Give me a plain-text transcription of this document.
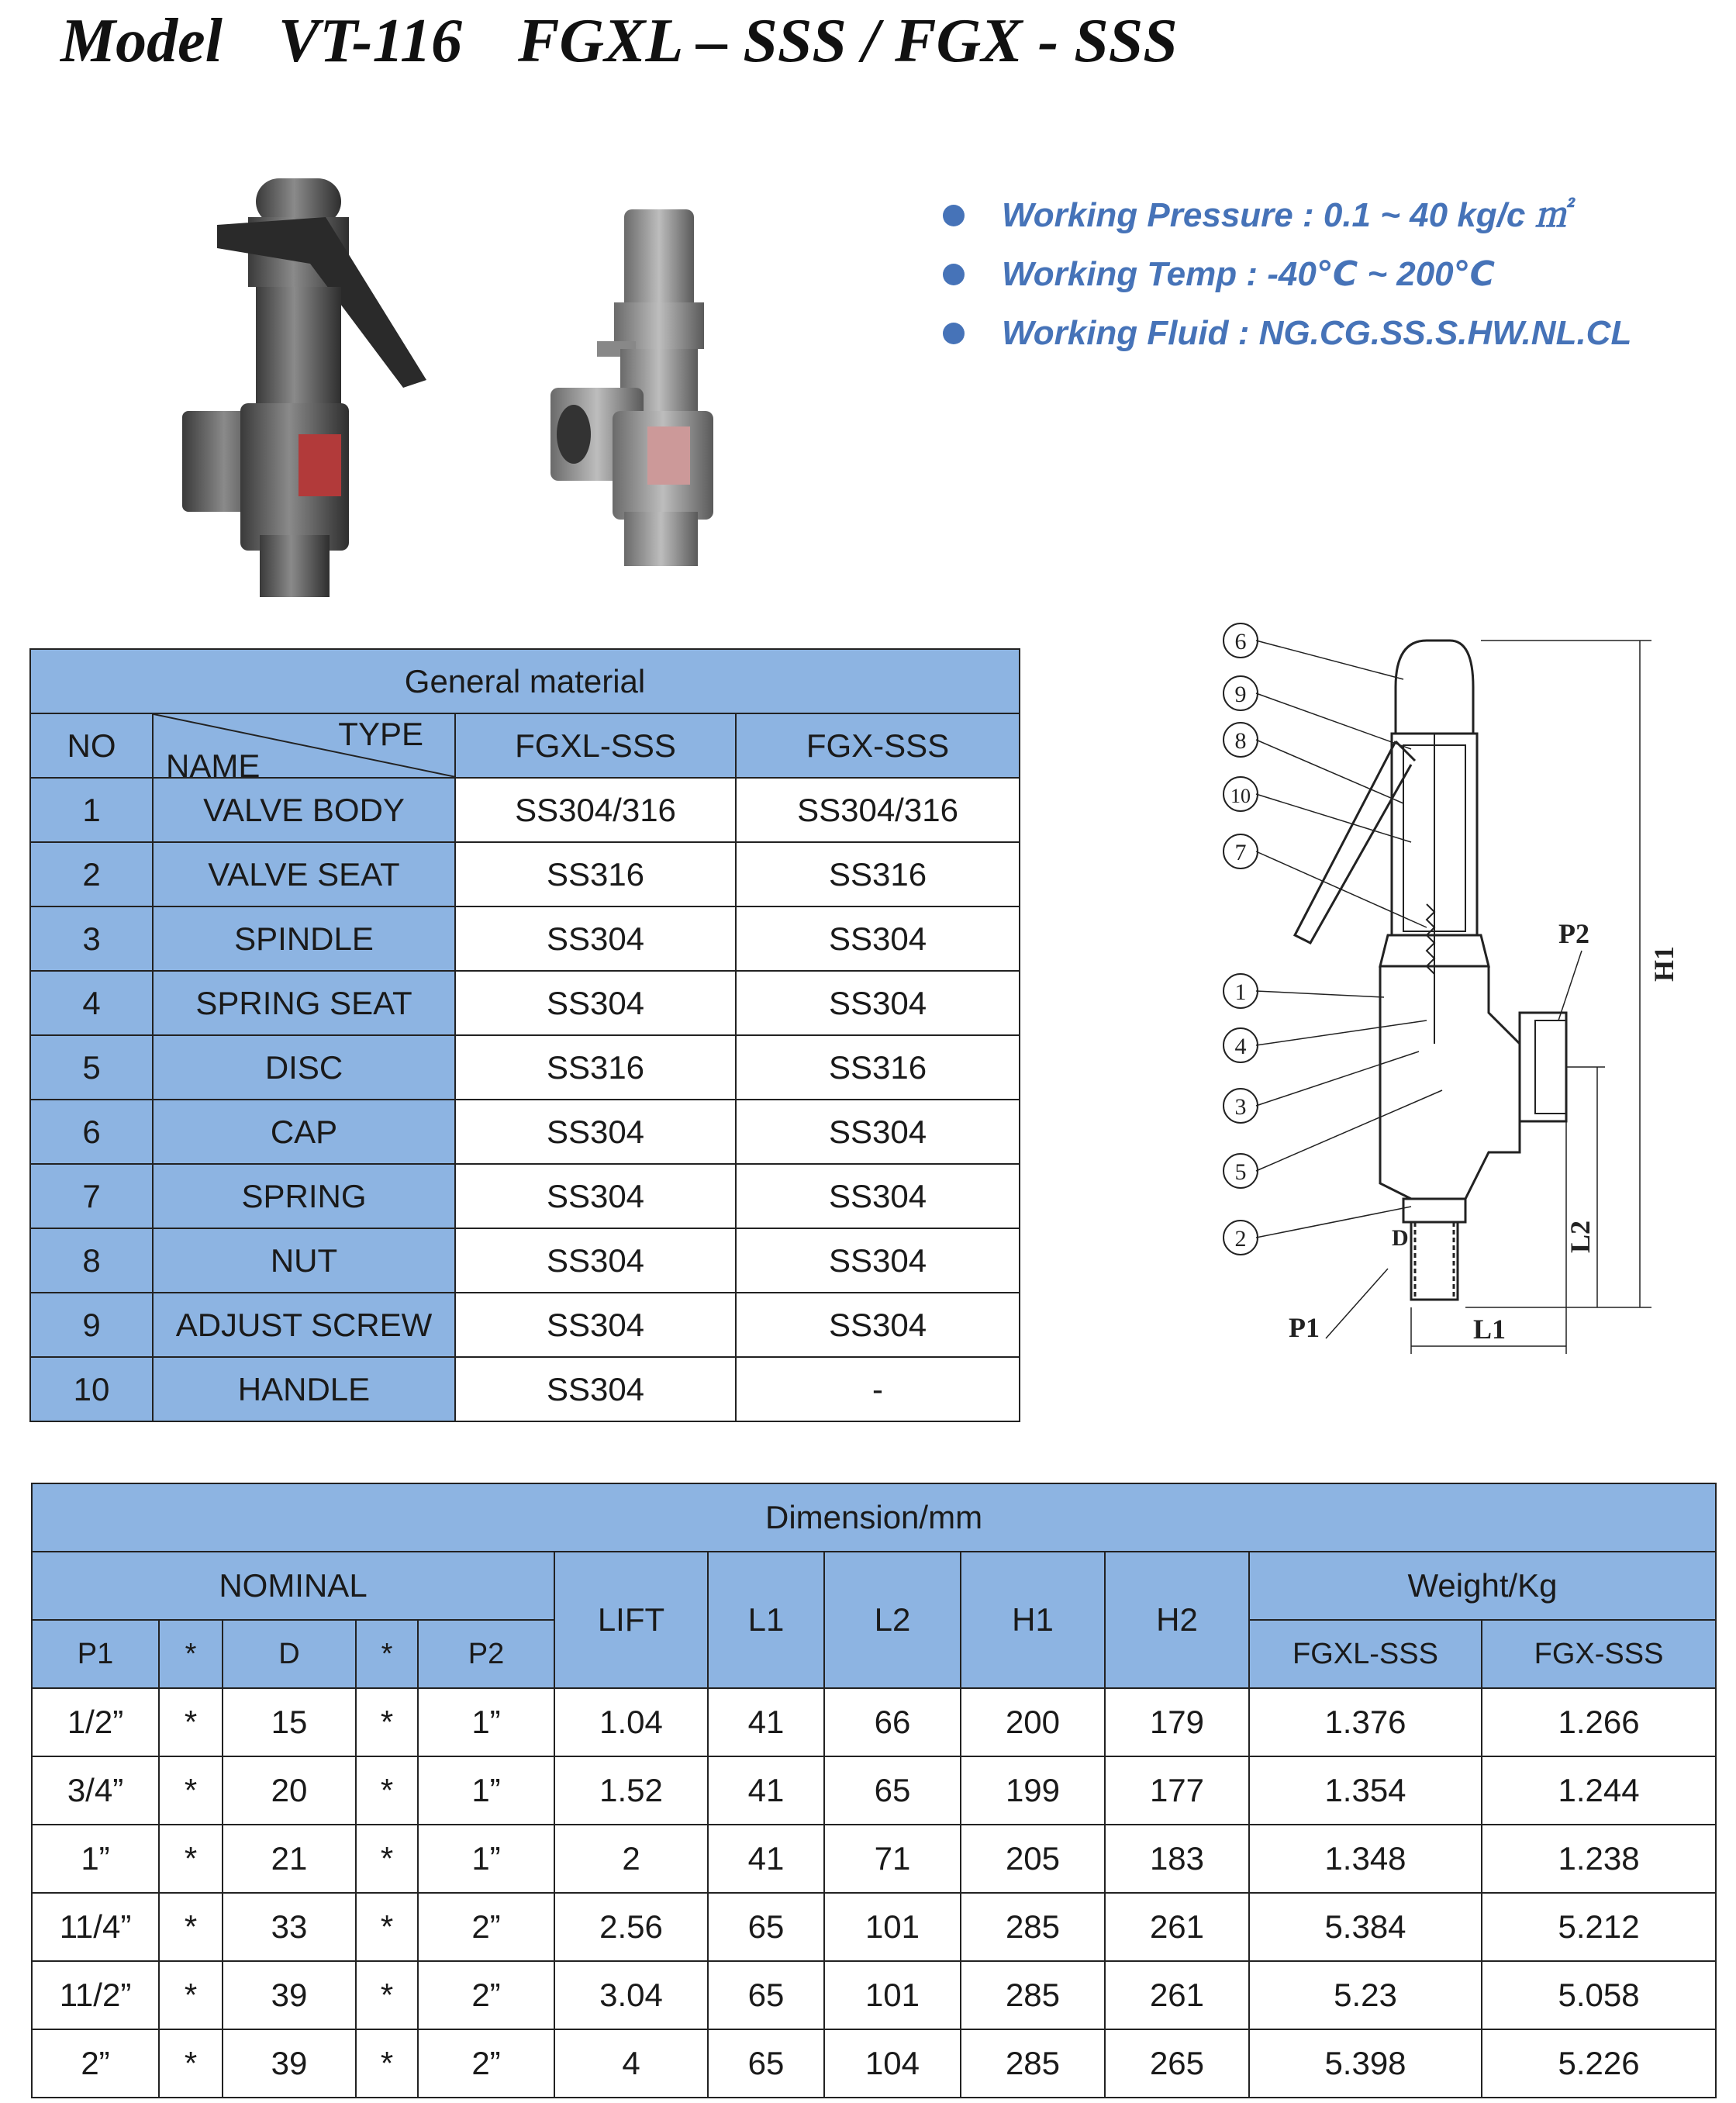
Model VT-116 FGXL – SSS / FGX - SSS
Working Pressure : 0.1 ~ 40 kg/c ㎡
Working Temp : -40℃ ~ 200℃
Working Fluid : NG.CG.SS.S.HW.NL.CL
General material			
NO	TYPE
NAME	FGXL-SSS	FGX-SSS
1	VALVE BODY	SS304/316	SS304/316
2	VALVE SEAT	SS316	SS316
3	SPINDLE	SS304	SS304
4	SPRING SEAT	SS304	SS304
5	DISC	SS316	SS316
6	CAP	SS304	SS304
7	SPRING	SS304	SS304
8	NUT	SS304	SS304
9	ADJUST SCREW	SS304	SS304
10	HANDLE	SS304	-
6
9
8
10
7
1
4
3
5
2
P2
H1
L2
D
P1	L1
Dimension/mm											
NOMINAL					LIFT	L1	L2	H1	H2	Weight/Kg	
P1	*	D	*	P2						FGXL-SSS	FGX-SSS
1/2”	*	15	*	1”	1.04	41	66	200	179	1.376	1.266
3/4”	*	20	*	1”	1.52	41	65	199	177	1.354	1.244
1”	*	21	*	1”	2	41	71	205	183	1.348	1.238
11/4”	*	33	*	2”	2.56	65	101	285	261	5.384	5.212
11/2”	*	39	*	2”	3.04	65	101	285	261	5.23	5.058
2”	*	39	*	2”	4	65	104	285	265	5.398	5.226
